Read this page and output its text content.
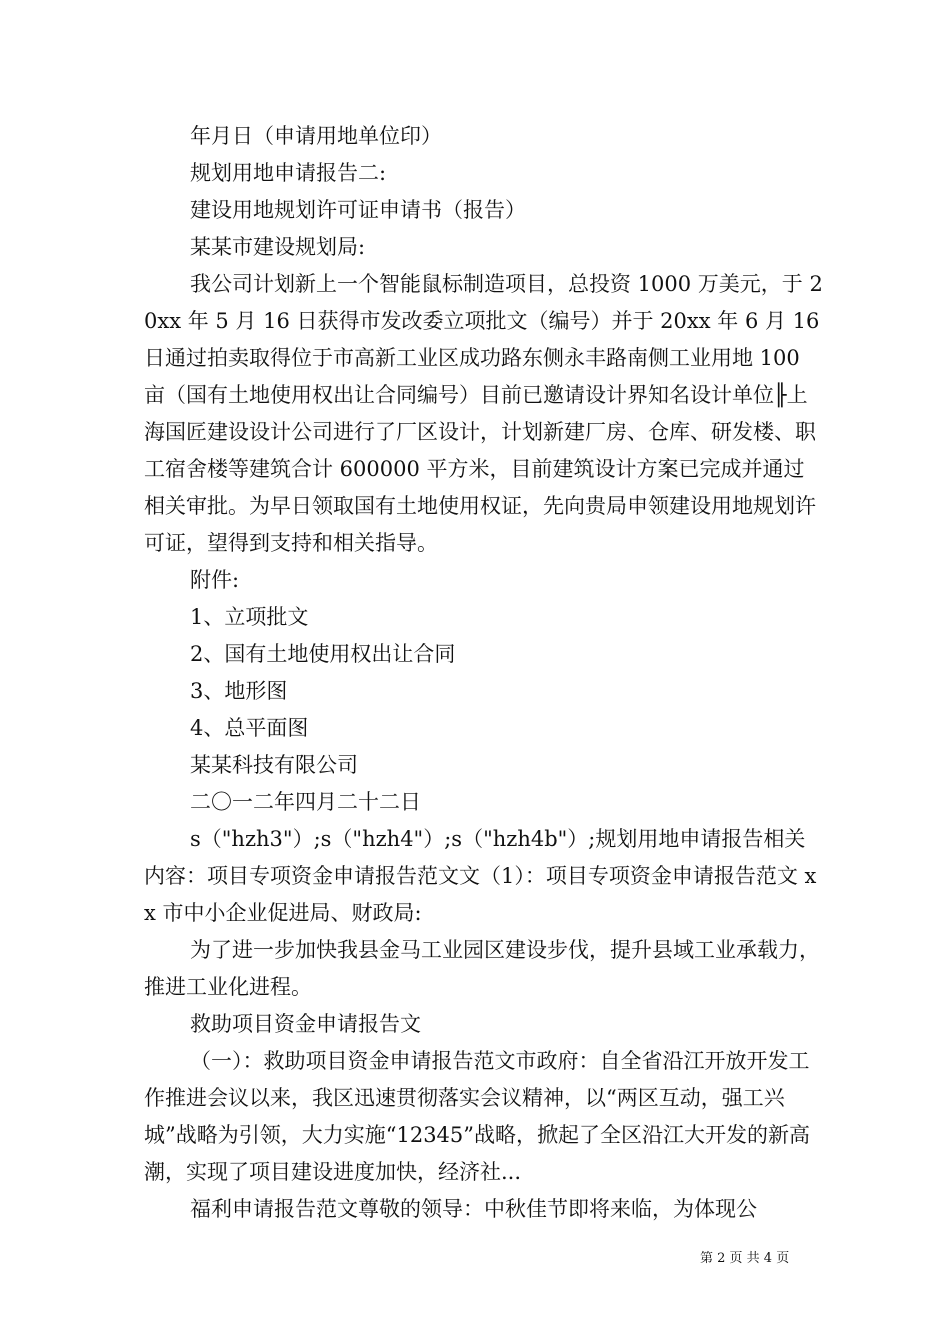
年月日（申请用地单位印）

规划用地申请报告二:

建设用地规划许可证申请书（报告）

某某市建设规划局:

我公司计划新上一个智能鼠标制造项目，总投资 1000 万美元，于 20xx 年 5 月 16 日获得市发改委立项批文（编号）并于 20xx 年 6 月 16 日通过拍卖取得位于市高新工业区成功路东侧永丰路南侧工业用地 100 亩（国有土地使用权出让合同编号）目前已邀请设计界知名设计单位╟上海国匠建设设计公司进行了厂区设计，计划新建厂房、仓库、研发楼、职工宿舍楼等建筑合计 600000 平方米，目前建筑设计方案已完成并通过相关审批。为早日领取国有土地使用权证，先向贵局申领建设用地规划许可证，望得到支持和相关指导。

附件:

1、立项批文

2、国有土地使用权出让合同

3、地形图

4、总平面图

某某科技有限公司

二〇一二年四月二十二日

s（"hzh3"）;s（"hzh4"）;s（"hzh4b"）;规划用地申请报告相关内容：项目专项资金申请报告范文文（1）：项目专项资金申请报告范文 xx 市中小企业促进局、财政局:

为了进一步加快我县金马工业园区建设步伐，提升县域工业承载力，推进工业化进程。

救助项目资金申请报告文

（一）：救助项目资金申请报告范文市政府：自全省沿江开放开发工作推进会议以来，我区迅速贯彻落实会议精神，以“两区互动，强工兴城”战略为引领，大力实施“12345”战略，掀起了全区沿江大开发的新高潮，实现了项目建设进度加快，经济社...

福利申请报告范文尊敬的领导：中秋佳节即将来临，为体现公

第 2 页 共 4 页
